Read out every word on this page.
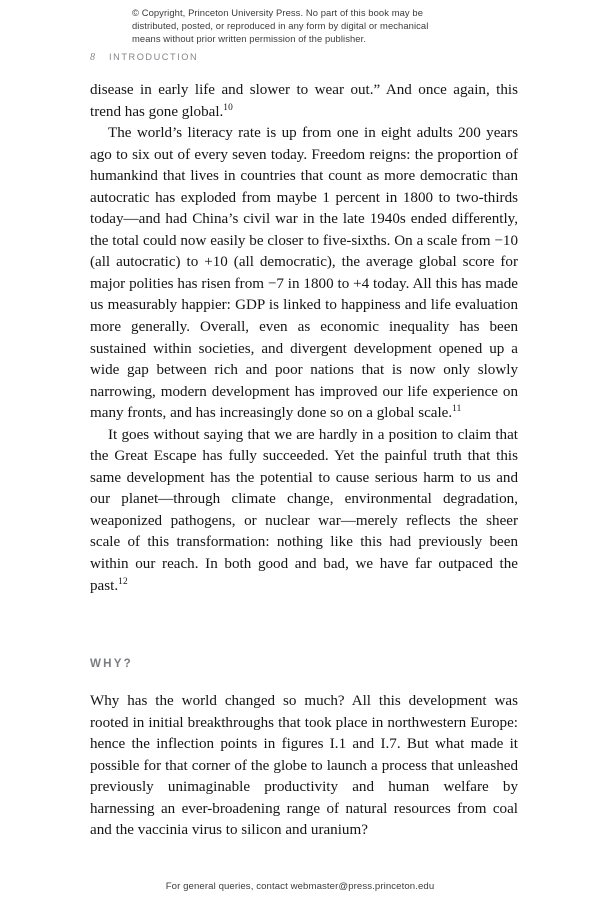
© Copyright, Princeton University Press. No part of this book may be

distributed, posted, or reproduced in any form by digital or mechanical

means without prior written permission of the publisher.

8 INTRODUCTION

disease in early life and slower to wear out.” And once again, this trend has gone global.$^{10}$

The world’s literacy rate is up from one in eight adults 200 years ago to six out of every seven today. Freedom reigns: the proportion of humankind that lives in countries that count as more democratic than autocratic has exploded from maybe 1 percent in 1800 to two-thirds today—and had China’s civil war in the late 1940s ended differently, the total could now easily be closer to five-sixths. On a scale from −10 (all autocratic) to +10 (all democratic), the average global score for major polities has risen from −7 in 1800 to +4 today. All this has made us measurably happier: GDP is linked to happiness and life evaluation more generally. Overall, even as economic inequality has been sustained within societies, and divergent development opened up a wide gap between rich and poor nations that is now only slowly narrowing, modern development has improved our life experience on many fronts, and has increasingly done so on a global scale.$^{11}$

It goes without saying that we are hardly in a position to claim that the Great Escape has fully succeeded. Yet the painful truth that this same development has the potential to cause serious harm to us and our planet—through climate change, environmental degradation, weaponized pathogens, or nuclear war—merely reflects the sheer scale of this transformation: nothing like this had previously been within our reach. In both good and bad, we have far outpaced the past.$^{12}$

WHY?

Why has the world changed so much? All this development was rooted in initial breakthroughs that took place in northwestern Europe: hence the inflection points in figures I.1 and I.7. But what made it possible for that corner of the globe to launch a process that unleashed previously unimaginable productivity and human welfare by harnessing an ever-broadening range of natural resources from coal and the vaccinia virus to silicon and uranium?

For general queries, contact webmaster@press.princeton.edu
